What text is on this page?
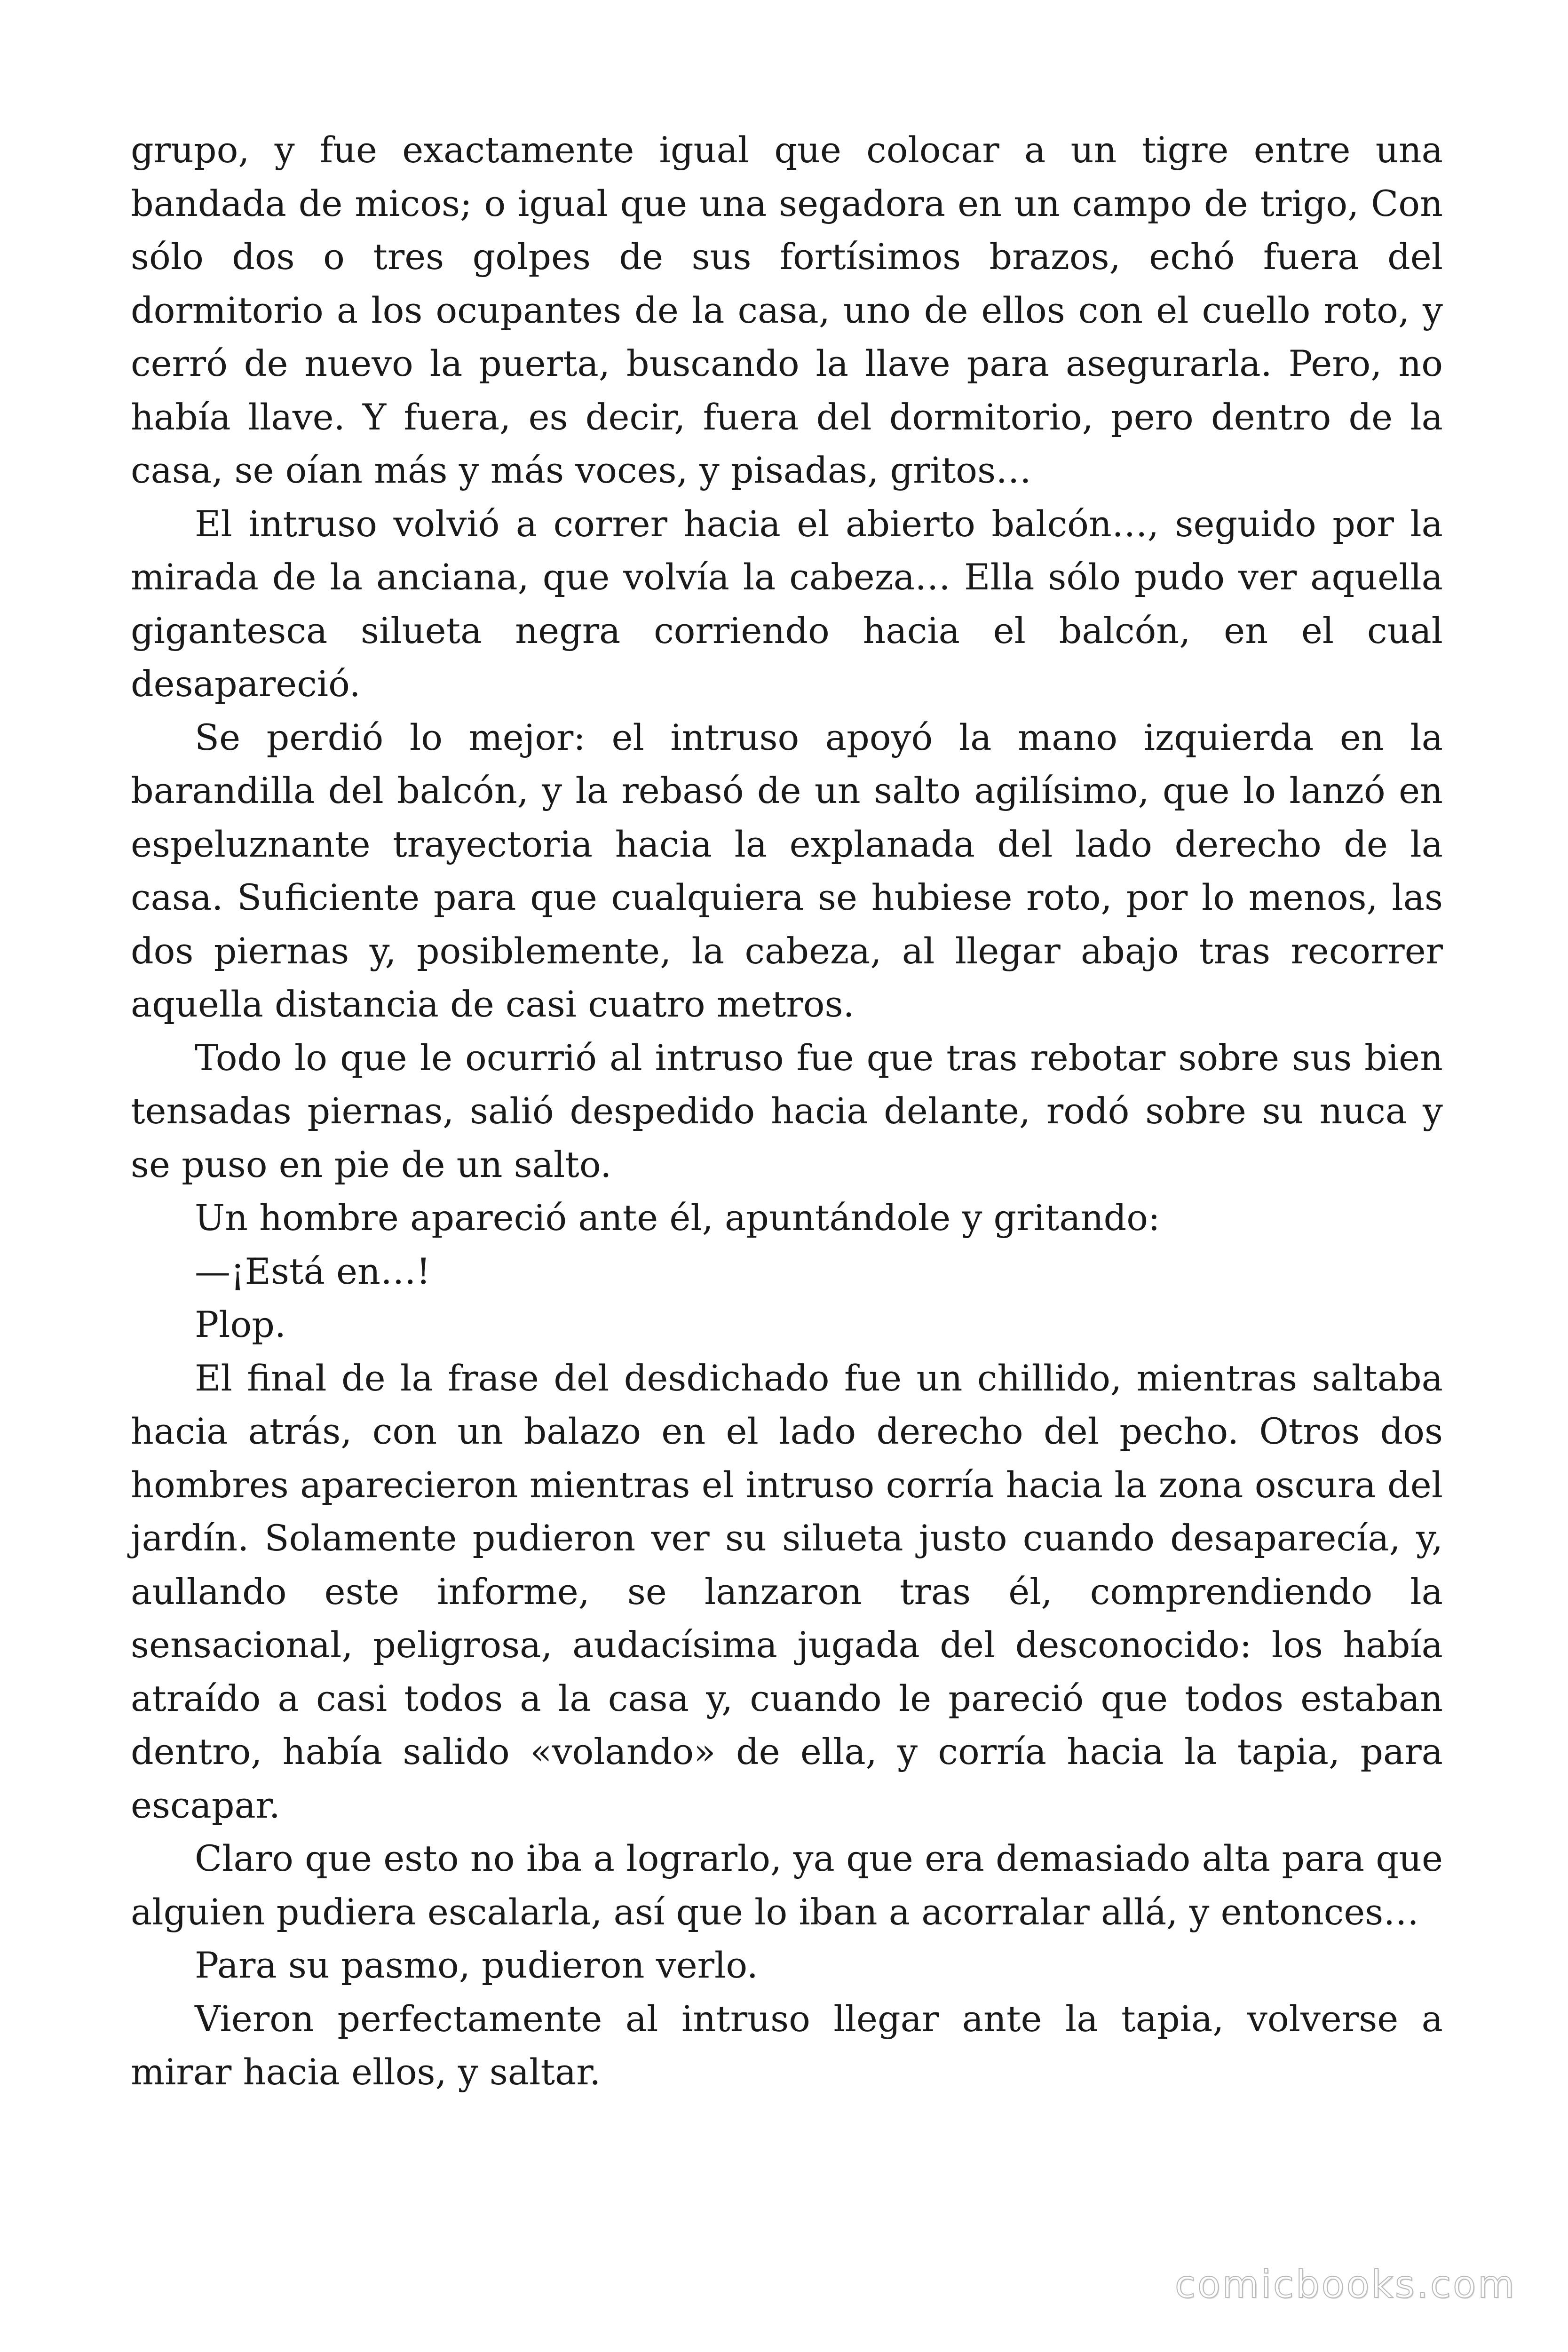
grupo, y fue exactamente igual que colocar a un tigre entre una bandada de micos; o igual que una segadora en un campo de trigo, Con sólo dos o tres golpes de sus fortísimos brazos, echó fuera del dormitorio a los ocupantes de la casa, uno de ellos con el cuello roto, y cerró de nuevo la puerta, buscando la llave para asegurarla. Pero, no había llave. Y fuera, es decir, fuera del dormitorio, pero dentro de la casa, se oían más y más voces, y pisadas, gritos…

El intruso volvió a correr hacia el abierto balcón…, seguido por la mirada de la anciana, que volvía la cabeza… Ella sólo pudo ver aquella gigantesca silueta negra corriendo hacia el balcón, en el cual desapareció.

Se perdió lo mejor: el intruso apoyó la mano izquierda en la barandilla del balcón, y la rebasó de un salto agilísimo, que lo lanzó en espeluznante trayectoria hacia la explanada del lado derecho de la casa. Suficiente para que cualquiera se hubiese roto, por lo menos, las dos piernas y, posiblemente, la cabeza, al llegar abajo tras recorrer aquella distancia de casi cuatro metros.

Todo lo que le ocurrió al intruso fue que tras rebotar sobre sus bien tensadas piernas, salió despedido hacia delante, rodó sobre su nuca y se puso en pie de un salto.

Un hombre apareció ante él, apuntándole y gritando:

—¡Está en…!

Plop.

El final de la frase del desdichado fue un chillido, mientras saltaba hacia atrás, con un balazo en el lado derecho del pecho. Otros dos hombres aparecieron mientras el intruso corría hacia la zona oscura del jardín. Solamente pudieron ver su silueta justo cuando desaparecía, y, aullando este informe, se lanzaron tras él, comprendiendo la sensacional, peligrosa, audacísima jugada del desconocido: los había atraído a casi todos a la casa y, cuando le pareció que todos estaban dentro, había salido «volando» de ella, y corría hacia la tapia, para escapar.

Claro que esto no iba a lograrlo, ya que era demasiado alta para que alguien pudiera escalarla, así que lo iban a acorralar allá, y entonces…

Para su pasmo, pudieron verlo.

Vieron perfectamente al intruso llegar ante la tapia, volverse a mirar hacia ellos, y saltar.

comicbooks.com
